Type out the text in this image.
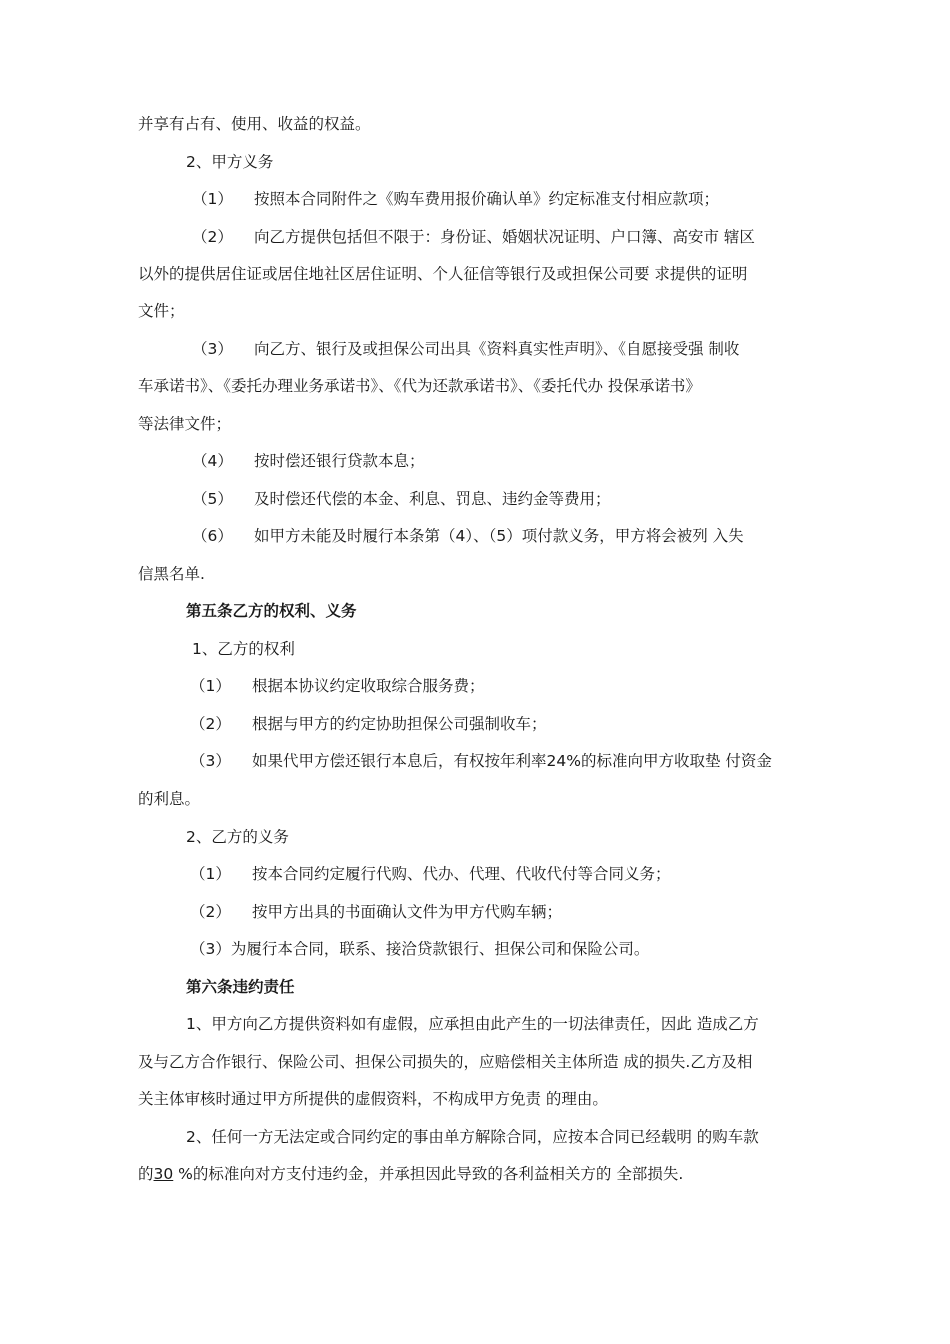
并享有占有、使用、收益的权益。
2、甲方义务
（1） 按照本合同附件之《购车费用报价确认单》约定标准支付相应款项；
（2） 向乙方提供包括但不限于：身份证、婚姻状况证明、户口簿、高安市 辖区
以外的提供居住证或居住地社区居住证明、个人征信等银行及或担保公司要 求提供的证明
文件；
（3） 向乙方、银行及或担保公司出具《资料真实性声明》、《自愿接受强 制收
车承诺书》、《委托办理业务承诺书》、《代为还款承诺书》、《委托代办 投保承诺书》
等法律文件；
（4） 按时偿还银行贷款本息；
（5） 及时偿还代偿的本金、利息、罚息、违约金等费用；
（6） 如甲方未能及时履行本条第（4）、（5）项付款义务，甲方将会被列 入失
信黑名单.
第五条乙方的权利、义务
1、乙方的权利
（1） 根据本协议约定收取综合服务费；
（2） 根据与甲方的约定协助担保公司强制收车；
（3） 如果代甲方偿还银行本息后，有权按年利率24%的标准向甲方收取垫 付资金
的利息。
2、乙方的义务
（1） 按本合同约定履行代购、代办、代理、代收代付等合同义务；
（2） 按甲方出具的书面确认文件为甲方代购车辆；
（3）为履行本合同，联系、接洽贷款银行、担保公司和保险公司。
第六条违约责任
1、甲方向乙方提供资料如有虚假，应承担由此产生的一切法律责任，因此 造成乙方
及与乙方合作银行、保险公司、担保公司损失的，应赔偿相关主体所造 成的损失.乙方及相
关主体审核时通过甲方所提供的虚假资料，不构成甲方免责 的理由。
2、任何一方无法定或合同约定的事由单方解除合同，应按本合同已经载明 的购车款
的30 %的标准向对方支付违约金，并承担因此导致的各利益相关方的 全部损失.
